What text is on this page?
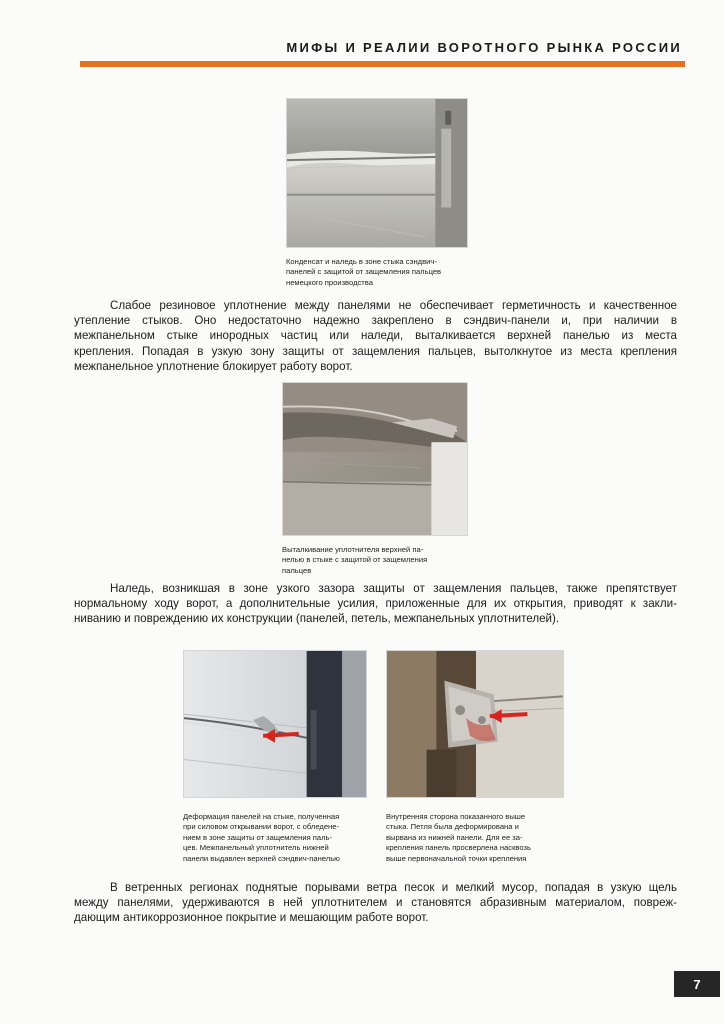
МИФЫ И РЕАЛИИ ВОРОТНОГО РЫНКА РОССИИ
Конденсат и наледь в зоне стыка сэндвич-
панелей с защитой от защемления пальцев
немецкого производства
Слабое резиновое уплотнение между панелями не обеспечивает герметичность и качественное
утепление стыков. Оно недостаточно надежно закреплено в сэндвич-панели и, при наличии в
межпанельном стыке инородных частиц или наледи, выталкивается верхней панелью из места
крепления. Попадая в узкую зону защиты от защемления пальцев, вытолкнутое из места крепления
межпанельное уплотнение блокирует работу ворот.
Выталкивание уплотнителя верхней па-
нелью в стыке с защитой от защемления
пальцев
Наледь, возникшая в зоне узкого зазора защиты от защемления пальцев, также препятствует
нормальному ходу ворот, а дополнительные усилия, приложенные для их открытия, приводят к закли-
ниванию и повреждению их конструкции (панелей, петель, межпанельных уплотнителей).
Деформация панелей на стыке, полученная
при силовом открывании ворот, с обледене-
нием в зоне защиты от защемления паль-
цев. Межпанельный уплотнитель нижней
панели выдавлен верхней сэндвич-панелью
Внутренняя сторона показанного выше
стыка. Петля была деформирована и
вырвана из нижней панели. Для ее за-
крепления панель просверлена насквозь
выше первоначальной точки крепления
В ветренных регионах поднятые порывами ветра песок и мелкий мусор, попадая в узкую щель
между панелями, удерживаются в ней уплотнителем и становятся абразивным материалом, повреж-
дающим антикоррозионное покрытие и мешающим работе ворот.
7
